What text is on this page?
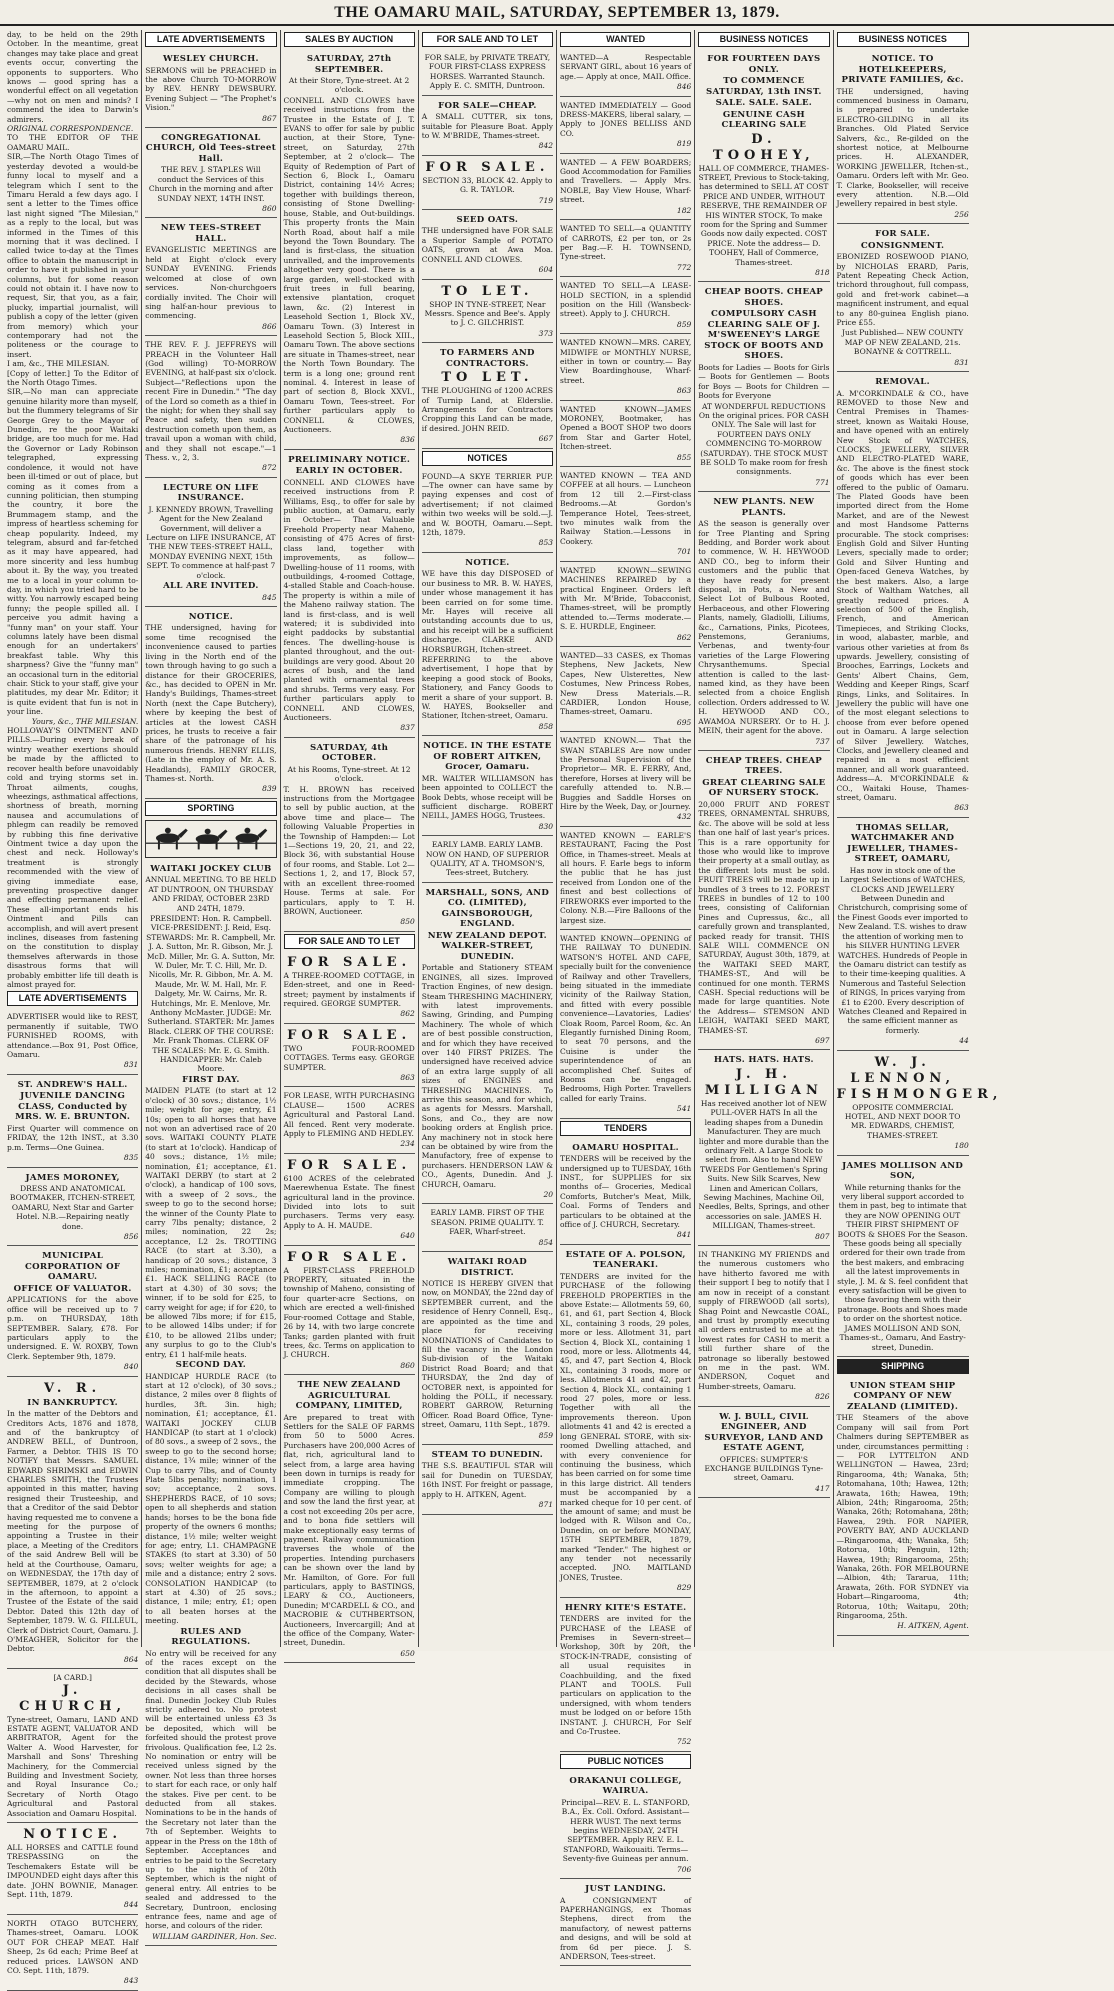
THE OAMARU MAIL, SATURDAY, SEPTEMBER 13, 1879.

day, to be held on the 29th October. In the meantime, great changes may take place and great events occur, converting the opponents to supporters. Who knows — good spring has a wonderful effect on all vegetation—why not on men and minds? I commend the idea to Darwin's admirers.

ORIGINAL CORRESPONDENCE.

TO THE EDITOR OF THE OAMARU MAIL.

SIR,—The North Otago Times of yesterday devoted a would-be funny local to myself and a telegram which I sent to the Timaru Herald a few days ago. I sent a letter to the Times office last night signed "The Milesian," as a reply to the local, but was informed in the Times of this morning that it was declined. I called twice to-day at the Times office to obtain the manuscript in order to have it published in your columns, but for some reason could not obtain it. I have now to request, Sir, that you, as a fair, plucky, impartial journalist, will publish a copy of the letter (given from memory) which your contemporary had not the politeness or the courage to insert.

I am, &c., THE MILESIAN.

[Copy of letter.] To the Editor of the North Otago Times.

SIR,—No man can appreciate genuine hilarity more than myself, but the flummery telegrams of Sir George Grey to the Mayor of Dunedin, re the poor Waitaki bridge, are too much for me. Had the Governor or Lady Robinson telegraphed, expressing condolence, it would not have been ill-timed or out of place, but coming as it comes from a cunning politician, then stumping the country, it bore the Brummagem stamp, and the impress of heartless scheming for cheap popularity. Indeed, my telegram, absurd and far-fetched as it may have appeared, had more sincerity and less humbug about it. By the way, you treated me to a local in your column to-day, in which you tried hard to be witty. You narrowly escaped being funny; the people spilled all. I perceive you admit having a "funny man" on your staff. Your columns lately have been dismal enough for an undertakers' breakfast table. Why this sharpness? Give the "funny man" an occasional turn in the editorial chair. Stick to your staff, give your platitudes, my dear Mr. Editor; it is quite evident that fun is not in your line.

Yours, &c., THE MILESIAN.

HOLLOWAY'S OINTMENT AND PILLS.—During every break of wintry weather exertions should be made by the afflicted to recover health before unavoidably cold and trying storms set in. Throat ailments, coughs, wheezings, asthmatical affections, shortness of breath, morning nausea and accumulations of phlegm can readily be removed by rubbing this fine derivative Ointment twice a day upon the chest and neck. Holloway's treatment is strongly recommended with the view of giving immediate ease, preventing prospective danger and effecting permanent relief. These all-important ends his Ointment and Pills can accomplish, and will avert present inclines, diseases from fastening on the constitution to display themselves afterwards in those disastrous forms that will probably embitter life till death is almost prayed for.

LATE ADVERTISEMENTS

ADVERTISER would like to REST, permanently if suitable, TWO FURNISHED ROOMS, with attendance.—Box 91, Post Office, Oamaru.

831

ST. ANDREW'S HALL.
JUVENILE DANCING CLASS, Conducted by MRS. W. E. BRUNTON.

First Quarter will commence on FRIDAY, the 12th INST., at 3.30 p.m. Terms—One Guinea.

835

JAMES MORONEY,

DRESS AND ANATOMICAL BOOTMAKER, ITCHEN-STREET, OAMARU, Next Star and Garter Hotel. N.B.—Repairing neatly done.

856

MUNICIPAL CORPORATION OF OAMARU.
OFFICE OF VALUATOR.

APPLICATIONS for the above office will be received up to 7 p.m. on THURSDAY, 18th SEPTEMBER. Salary, £78. For particulars apply to the undersigned. E. W. ROXBY, Town Clerk. September 9th, 1879.

840

V. R.
IN BANKRUPTCY.

In the matter of the Debtors and Creditors Acts, 1876 and 1878, and of the bankruptcy of ANDREW BELL, of Duntroon, Farmer, a Debtor. THIS IS TO NOTIFY that Messrs. SAMUEL EDWARD SHRIMSKI and EDWIN CHARLES SMITH, the Trustees appointed in this matter, having resigned their Trusteeship, and that a Creditor of the said Debtor having requested me to convene a meeting for the purpose of appointing a Trustee in their place, a Meeting of the Creditors of the said Andrew Bell will be held at the Courthouse, Oamaru, on WEDNESDAY, the 17th day of SEPTEMBER, 1879, at 2 o'clock in the afternoon, to appoint a Trustee of the Estate of the said Debtor. Dated this 12th day of September, 1879. W. G. FILLEUL, Clerk of District Court, Oamaru. J. O'MEAGHER, Solicitor for the Debtor.

864

[A CARD.]
J. CHURCH,

Tyne-street, Oamaru, LAND AND ESTATE AGENT, VALUATOR AND ARBITRATOR, Agent for the Walter A. Wood Harvester, for Marshall and Sons' Threshing Machinery, for the Commercial Building and Investment Society, and Royal Insurance Co.; Secretary of North Otago Agricultural and Pastoral Association and Oamaru Hospital.

NOTICE.

ALL HORSES and CATTLE found TRESPASSING on the Teschemakers Estate will be IMPOUNDED eight days after this date. JOHN BOWNIE, Manager. Sept. 11th, 1879.

844

NORTH OTAGO BUTCHERY, Thames-street, Oamaru. LOOK OUT FOR CHEAP MEAT. Half Sheep, 2s 6d each; Prime Beef at reduced prices. LAWSON AND CO. Sept. 11th, 1879.

843

LATE ADVERTISEMENTS
WESLEY CHURCH.

SERMONS will be PREACHED in the above Church TO-MORROW by REV. HENRY DEWSBURY. Evening Subject — "The Prophet's Vision."

867

CONGREGATIONAL CHURCH, Old Tees-street Hall.

THE REV. J. STAPLES Will conduct the Services of this Church in the morning and after SUNDAY NEXT, 14TH INST.

860

NEW TEES-STREET HALL.

EVANGELISTIC MEETINGS are held at Eight o'clock every SUNDAY EVENING. Friends welcomed at close of own services. Non-churchgoers cordially invited. The Choir will sing half-an-hour previous to commencing.

866

THE REV. F. J. JEFFREYS will PREACH in the Volunteer Hall (God willing) TO-MORROW EVENING, at half-past six o'clock. Subject—"Reflections upon the recent Fire in Dunedin." "The day of the Lord so cometh as a thief in the night; for when they shall say Peace and safety, then sudden destruction cometh upon them, as travail upon a woman with child, and they shall not escape."—1 Thess. v., 2, 3.

872

LECTURE ON LIFE INSURANCE.

J. KENNEDY BROWN, Travelling Agent for the New Zealand Government, will deliver a Lecture on LIFE INSURANCE, AT THE NEW TEES-STREET HALL, MONDAY EVENING NEXT, 15th SEPT. To commence at half-past 7 o'clock.

ALL ARE INVITED.

845

NOTICE.

THE undersigned, having for some time recognised the inconvenience caused to parties living in the North end of the town through having to go such a distance for their GROCERIES, &c., has decided to OPEN in Mr. Handy's Buildings, Thames-street North (next the Cape Butchery), where by keeping the best of articles at the lowest CASH prices, he trusts to receive a fair share of the patronage of his numerous friends. HENRY ELLIS, (Late in the employ of Mr. A. S. Headlands), FAMILY GROCER, Thames-st. North.

839

SPORTING
WAITAKI JOCKEY CLUB

ANNUAL MEETING. TO BE HELD AT DUNTROON, ON THURSDAY AND FRIDAY, OCTOBER 23RD AND 24TH, 1879.

PRESIDENT: Hon. R. Campbell. VICE-PRESIDENT: J. Reid, Esq. STEWARDS: Mr. R. Campbell, Mr. J. A. Sutton, Mr. R. Gibson, Mr. J. McD. Miller, Mr. G. A. Sutton, Mr. W. Duler, Mr. T. C. Hill, Mr. D. Nicolls, Mr. R. Gibbon, Mr. A. M. Maude, Mr. W. M. Hall, Mr. F. Dalgety, Mr. W. Cairns, Mr. R. Hutchings, Mr. E. Menlove, Mr. Anthony McMaster. JUDGE: Mr. Sutherland. STARTER: Mr. James Black. CLERK OF THE COURSE: Mr. Frank Thomas. CLERK OF THE SCALES: Mr. E. G. Smith. HANDICAPPER: Mr. Caleb Moore.

FIRST DAY.

MAIDEN PLATE (to start at 12 o'clock) of 30 sovs.; distance, 1½ mile; weight for age; entry, £1 10s; open to all horses that have not won an advertised race of 20 sovs. WAITAKI COUNTY PLATE (to start at 1o'clock). Handicap of 40 sovs.; distance, 1½ mile; nomination, £1; acceptance, £1. WAITAKI DERBY (to start at 2 o'clock), a handicap of 100 sovs, with a sweep of 2 sovs., the sweep to go to the second horse; the winner of the County Plate to carry 7lbs penalty; distance, 2 miles; nomination, 22 2s; acceptance, L2 2s. TROTTING RACE (to start at 3.30), a handicap of 20 sovs.; distance, 3 miles; nomination, £1; acceptance £1. HACK SELLING RACE (to start at 4.30) of 30 sovs; the winner, if to be sold for £25, to carry weight for age; if for £20, to be allowed 7lbs more; if for £15, to be allowed 14lbs under; if for £10, to be allowed 21lbs under; any surplus to go to the Club's entry, £1 1 half-mile heats.

SECOND DAY.

HANDICAP HURDLE RACE (to start at 12 o'clock), of 30 sovs.; distance, 2 miles over 8 flights of hurdles, 3ft. 3in. high; nomination, £1; acceptance, £1. WAITAKI JOCKEY CLUB HANDICAP (to start at 1 o'clock) of 80 sovs., a sweep of 2 sovs., the sweep to go to the second horse; distance, 1¾ mile; winner of the Cup to carry 7lbs, and of County Plate 5lbs penalty; nomination, 1 sov; acceptance, 2 sovs. SHEPHERDS RACE, of 10 sovs; open to all shepherds and station hands; horses to be the bona fide property of the owners 6 months; distance, 1½ mile; welter weight for age; entry, L1. CHAMPAGNE STAKES (to start at 3.30) of 50 sovs; welter weights for age; a mile and a distance; entry 2 sovs. CONSOLATION HANDICAP (to start at 4.30) of 25 sovs.; distance, 1 mile; entry, £1; open to all beaten horses at the meeting.

RULES AND REGULATIONS.

No entry will be received for any of the races except on the condition that all disputes shall be decided by the Stewards, whose decisions in all cases shall be final. Dunedin Jockey Club Rules strictly adhered to. No protest will be entertained unless £3 3s be deposited, which will be forfeited should the protest prove frivolous. Qualification fee, L2 2s. No nomination or entry will be received unless signed by the owner. Not less than three horses to start for each race, or only half the stakes. Five per cent. to be deducted from all stakes. Nominations to be in the hands of the Secretary not later than the 7th of September. Weights to appear in the Press on the 18th of September. Acceptances and entries to be paid to the Secretary up to the night of 20th September, which is the night of general entry. All entries to be sealed and addressed to the Secretary, Duntroon, enclosing entrance fees, name and age of horse, and colours of the rider.

WILLIAM GARDINER, Hon. Sec.

SALES BY AUCTION
SATURDAY, 27th SEPTEMBER.

At their Store, Tyne-street. At 2 o'clock.

CONNELL AND CLOWES have received instructions from the Trustee in the Estate of J. T. EVANS to offer for sale by public auction, at their Store, Tyne-street, on Saturday, 27th September, at 2 o'clock— The Equity of Redemption of Part of Section 6, Block I., Oamaru District, containing 14½ Acres; together with buildings thereon, consisting of Stone Dwelling-house, Stable, and Out-buildings. This property fronts the Main North Road, about half a mile beyond the Town Boundary. The land is first-class, the situation unrivalled, and the improvements altogether very good. There is a large garden, well-stocked with fruit trees in full bearing, extensive plantation, croquet lawn, &c. (2) Interest in Leasehold Section 1, Block XV., Oamaru Town. (3) Interest in Leasehold Section 5, Block XIII., Oamaru Town. The above sections are situate in Thames-street, near the North Town Boundary. The term is a long one; ground rent nominal. 4. Interest in lease of part of section 8, Block XXVI., Oamaru Town, Tees-street. For further particulars apply to CONNELL & CLOWES, Auctioneers.

836

PRELIMINARY NOTICE.
EARLY IN OCTOBER.

CONNELL AND CLOWES have received instructions from P. Williams, Esq., to offer for sale by public auction, at Oamaru, early in October— That Valuable Freehold Property near Maheno, consisting of 475 Acres of first-class land, together with improvements, as follow—Dwelling-house of 11 rooms, with outbuildings, 4-roomed Cottage, 4-stalled Stable and Coach-house. The property is within a mile of the Maheno railway station. The land is first-class, and is well watered; it is subdivided into eight paddocks by substantial fences. The dwelling-house is planted throughout, and the out-buildings are very good. About 20 acres of bush, and the land planted with ornamental trees and shrubs. Terms very easy. For further particulars apply to CONNELL AND CLOWES, Auctioneers.

837

SATURDAY, 4th OCTOBER.

At his Rooms, Tyne-street. At 12 o'clock.

T. H. BROWN has received instructions from the Mortgagee to sell by public auction, at the above time and place— The following Valuable Properties in the Township of Hampden:— Lot 1—Sections 19, 20, 21, and 22, Block 36, with substantial House of four rooms, and Stable. Lot 2—Sections 1, 2, and 17, Block 57, with an excellent three-roomed House. Terms at sale. For particulars, apply to T. H. BROWN, Auctioneer.

850

FOR SALE AND TO LET
FOR SALE.

A THREE-ROOMED COTTAGE, in Eden-street, and one in Reed-street; payment by instalments if required. GEORGE SUMPTER.

862

FOR SALE.

TWO FOUR-ROOMED COTTAGES. Terms easy. GEORGE SUMPTER.

863

FOR LEASE, WITH PURCHASING CLAUSE— 1500 ACRES Agricultural and Pastoral Land. All fenced. Rent very moderate. Apply to FLEMING AND HEDLEY.

234

FOR SALE.

6100 ACRES of the celebrated Maerewhenua Estate. The finest agricultural land in the province. Divided into lots to suit purchasers. Terms very easy. Apply to A. H. MAUDE.

640

FOR SALE.

A FIRST-CLASS FREEHOLD PROPERTY, situated in the township of Maheno, consisting of four quarter-acre Sections, on which are erected a well-finished Four-roomed Cottage and Stable, 26 by 14, with two large concrete Tanks; garden planted with fruit trees, &c. Terms on application to J. CHURCH.

860

THE NEW ZEALAND AGRICULTURAL COMPANY, LIMITED,

Are prepared to treat with Settlers for the SALE OF FARMS from 50 to 5000 Acres. Purchasers have 200,000 Acres of flat, rich, agricultural land to select from, a large area having been down in turnips is ready for immediate cropping. The Company are willing to plough and sow the land the first year, at a cost not exceeding 20s per acre, and to bona fide settlers will make exceptionally easy terms of payment. Railway communication traverses the whole of the properties. Intending purchasers can be shown over the land by Mr. Hamilton, of Gore. For full particulars, apply to BASTINGS, LEARY & CO., Auctioneers, Dunedin; M'CARDELL & CO., and MACROBIE & CUTHBERTSON, Auctioneers, Invercargill; And at the office of the Company, Water-street, Dunedin.

650

FOR SALE AND TO LET

FOR SALE, by PRIVATE TREATY, FOUR FIRST-CLASS EXPRESS HORSES. Warranted Staunch. Apply E. C. SMITH, Duntroon.

FOR SALE—CHEAP.

A SMALL CUTTER, six tons, suitable for Pleasure Boat. Apply to W. M'BRIDE, Thames-street.

842

FOR SALE.

SECTION 33, BLOCK 42. Apply to G. R. TAYLOR.

719

SEED OATS.

THE undersigned have FOR SALE a Superior Sample of POTATO OATS, grown at Awa Moa. CONNELL AND CLOWES.

604

TO LET.

SHOP IN TYNE-STREET, Near Messrs. Spence and Bee's. Apply to J. C. GILCHRIST.

373

TO FARMERS AND CONTRACTORS.
TO LET.

THE PLOUGHING of 1200 ACRES of Turnip Land, at Elderslie. Arrangements for Contractors Cropping this Land can be made, if desired. JOHN REID.

667

NOTICES

FOUND—A SKYE TERRIER PUP.—The owner can have same by paying expenses and cost of advertisement; if not claimed within two weeks will be sold.—J. and W. BOOTH, Oamaru.—Sept. 12th, 1879.

853

NOTICE.

WE have this day DISPOSED of our business to MR. B. W. HAYES, under whose management it has been carried on for some time. Mr. Hayes will receive all outstanding accounts due to us, and his receipt will be a sufficient discharge. CLARKE AND HORSBURGH, Itchen-street.

REFERRING to the above advertisement, I hope that by keeping a good stock of Books, Stationery, and Fancy Goods to merit a share of your support. B. W. HAYES, Bookseller and Stationer, Itchen-street, Oamaru.

858

NOTICE. IN THE ESTATE OF ROBERT AITKEN, Grocer, Oamaru.

MR. WALTER WILLIAMSON has been appointed to COLLECT the Book Debts, whose receipt will be sufficient discharge. ROBERT NEILL, JAMES HOGG, Trustees.

830

EARLY LAMB. EARLY LAMB. NOW ON HAND, OF SUPERIOR QUALITY, AT A. THOMSON'S, Tees-street, Butchery.

MARSHALL, SONS, AND CO. (LIMITED), GAINSBOROUGH, ENGLAND.
NEW ZEALAND DEPOT. WALKER-STREET, DUNEDIN.

Portable and Stationery STEAM ENGINES, all sizes. Improved Traction Engines, of new design. Steam THRESHING MACHINERY, with latest improvements. Sawing, Grinding, and Pumping Machinery. The whole of which are of best possible construction, and for which they have received over 140 FIRST PRIZES. The undersigned have received advice of an extra large supply of all sizes of ENGINES and THRESHING MACHINES. To arrive this season, and for which, as agents for Messrs. Marshall, Sons, and Co., they are now booking orders at English price. Any machinery not in stock here can be obtained by wire from the Manufactory, free of expense to purchasers. HENDERSON LAW & CO., Agents, Dunedin. And J. CHURCH, Oamaru.

20

EARLY LAMB. FIRST OF THE SEASON. PRIME QUALITY. T. FAER, Wharf-street.

854

WAITAKI ROAD DISTRICT.

NOTICE IS HEREBY GIVEN that now, on MONDAY, the 22nd day of SEPTEMBER current, and the residence of Henry Connell, Esq., are appointed as the time and place for receiving NOMINATIONS of Candidates to fill the vacancy in the London Sub-division of the Waitaki District Road Board; and that THURSDAY, the 2nd day of OCTOBER next, is appointed for holding the POLL, if necessary. ROBERT GARROW, Returning Officer. Road Board Office, Tyne-street, Oamaru, 11th Sept., 1879.

859

STEAM TO DUNEDIN.

THE S.S. BEAUTIFUL STAR will sail for Dunedin on TUESDAY, 16th INST. For freight or passage, apply to H. AITKEN, Agent.

871

WANTED

WANTED—A Respectable SERVANT GIRL, about 16 years of age.— Apply at once, MAIL Office.

846

WANTED IMMEDIATELY — Good DRESS-MAKERS, liberal salary, — Apply to JONES BELLISS AND CO.

819

WANTED — A FEW BOARDERS; Good Accommodation for Families and Travellers. — Apply Mrs. NOBLE, Bay View House, Wharf-street.

182

WANTED TO SELL—a QUANTITY of CARROTS, £2 per ton, or 2s per Bag.—F. H. TOWNSEND, Tyne-street.

772

WANTED TO SELL—A LEASE-HOLD SECTION, in a splendid position on the Hill (Wansbeck-street). Apply to J. CHURCH.

859

WANTED KNOWN—MRS. CAREY, MIDWIFE or MONTHLY NURSE, either in town or country.— Bay View Boardinghouse, Wharf-street.

863

WANTED KNOWN—JAMES MORONEY, Bootmaker, has Opened a BOOT SHOP two doors from Star and Garter Hotel, Itchen-street.

855

WANTED KNOWN — TEA AND COFFEE at all hours. — Luncheon from 12 till 2.—First-class Bedrooms.—At Gordon's Temperance Hotel, Tees-street, two minutes walk from the Railway Station.—Lessons in Cookery.

701

WANTED KNOWN—SEWING MACHINES REPAIRED by a practical Engineer. Orders left with Mr. M'Bride, Tobacconist, Thames-street, will be promptly attended to.—Terms moderate.—S. E. HURDLE, Engineer.

862

WANTED—33 CASES, ex Thomas Stephens, New Jackets, New Capes, New Ulsterettes, New Costumes, New Princess Robes, New Dress Materials.—R. CARDIER, London House, Thames-street, Oamaru.

695

WANTED KNOWN.— That the SWAN STABLES Are now under the Personal Supervision of the Proprietor— MR. E. FERRY, And, therefore, Horses at livery will be carefully attended to. N.B.—Buggies and Saddle Horses on Hire by the Week, Day, or Journey.

432

WANTED KNOWN — EARLE'S RESTAURANT, Facing the Post Office, in Thames-street. Meals at all hours. F. Earle begs to inform the public that he has just received from London one of the finest and best collections of FIREWORKS ever imported to the Colony. N.B.—Fire Balloons of the largest size.

WANTED KNOWN—OPENING of THE RAILWAY TO DUNEDIN. WATSON'S HOTEL AND CAFE, specially built for the convenience of Railway and other Travellers, being situated in the immediate vicinity of the Railway Station, and fitted with every possible convenience—Lavatories, Ladies' Cloak Room, Parcel Room, &c. An Elegantly furnished Dining Room, to seat 70 persons, and the Cuisine is under the superintendence of an accomplished Chef. Suites of Rooms can be engaged. Bedrooms, High Porter. Travellers called for early Trains.

541

TENDERS
OAMARU HOSPITAL.

TENDERS will be received by the undersigned up to TUESDAY, 16th INST., for SUPPLIES for six months of— Groceries, Medical Comforts, Butcher's Meat, Milk, Coal. Forms of Tenders and particulars to be obtained at the office of J. CHURCH, Secretary.

841

ESTATE OF A. POLSON, TEANERAKI.

TENDERS are invited for the PURCHASE of the following FREEHOLD PROPERTIES in the above Estate:— Allotments 59, 60, 61, and 61, part Section 4, Block XL, containing 3 roods, 29 poles, more or less. Allotment 31, part Section 4, Block XL, containing 1 rood, more or less. Allotments 44, 45, and 47, part Section 4, Block XL, containing 3 roods, more or less. Allotments 41 and 42, part Section 4, Block XL, containing 1 rood 27 poles, more or less. Together with all the improvements thereon. Upon allotments 41 and 42 is erected a long GENERAL STORE, with six-roomed Dwelling attached, and with every convenience for continuing the business, which has been carried on for some time in this large district. All tenders must be accompanied by a marked cheque for 10 per cent. of the amount of same; and must be lodged with R. Wilson and Co., Dunedin, on or before MONDAY, 15TH SEPTEMBER, 1879, marked "Tender." The highest or any tender not necessarily accepted. JNO. MAITLAND JONES, Trustee.

829

HENRY KITE'S ESTATE.

TENDERS are invited for the PURCHASE of the LEASE of Premises in Severn-street—Workshop, 30ft by 20ft, the STOCK-IN-TRADE, consisting of all usual requisites in Coachbuilding, and the fixed PLANT and TOOLS. Full particulars on application to the undersigned, with whom tenders must be lodged on or before 15th INSTANT. J. CHURCH, For Self and Co-Trustee.

752

PUBLIC NOTICES
ORAKANUI COLLEGE, WAIRUA.

Principal—REV. E. L. STANFORD, B.A., Ex. Coll. Oxford. Assistant—HERR WUST. The next terms begins WEDNESDAY, 24TH SEPTEMBER. Apply REV. E. L. STANFORD, Waikouaiti. Terms—Seventy-five Guineas per annum.

706

JUST LANDING.

A CONSIGNMENT of PAPERHANGINGS, ex Thomas Stephens, direct from the manufactory, of newest patterns and designs, and will be sold at from 6d per piece. J. S. ANDERSON, Tees-street.

BUSINESS NOTICES
FOR FOURTEEN DAYS ONLY.
TO COMMENCE SATURDAY, 13th INST.
SALE. SALE. SALE.
GENUINE CASH CLEARING SALE
D. TOOHEY,

HALL OF COMMERCE, THAMES-STREET, Previous to Stock-taking, has determined to SELL AT COST PRICE AND UNDER, WITHOUT RESERVE, THE REMAINDER OF HIS WINTER STOCK, To make room for the Spring and Summer Goods now daily expected. COST PRICE. Note the address— D. TOOHEY, Hall of Commerce, Thames-street.

818

CHEAP BOOTS. CHEAP SHOES.
COMPULSORY CASH CLEARING SALE OF J. M'SWEENEY'S LARGE STOCK OF BOOTS AND SHOES.

Boots for Ladies — Boots for Girls — Boots for Gentlemen — Boots for Boys — Boots for Children — Boots for Everyone

AT WONDERFUL REDUCTIONS On the original prices. FOR CASH ONLY. The Sale will last for FOURTEEN DAYS ONLY COMMENCING TO-MORROW (SATURDAY). THE STOCK MUST BE SOLD To make room for fresh consignments.

771

NEW PLANTS. NEW PLANTS.

AS the season is generally over for Tree Planting and Spring Bedding, and Border work about to commence, W. H. HEYWOOD AND CO., beg to inform their customers and the public that they have ready for present disposal, in Pots, a New and Select Lot of Bulbous Rooted, Herbaceous, and other Flowering Plants, namely, Gladiolli, Liliums, &c., Carnations, Pinks, Picotees, Penstemons, Geraniums, Verbenas, and twenty-four varieties of the Large Flowering Chrysanthemums. Special attention is called to the last-named kind, as they have been selected from a choice English collection. Orders addressed to W. H. HEYWOOD AND CO., AWAMOA NURSERY. Or to H. J. MEIN, their agent for the above.

737

CHEAP TREES. CHEAP TREES.
GREAT CLEARING SALE OF NURSERY STOCK.

20,000 FRUIT AND FOREST TREES, ORNAMENTAL SHRUBS, &c. The above will be sold at less than one half of last year's prices. This is a rare opportunity for those who would like to improve their property at a small outlay, as the different lots must be sold. FRUIT TREES will be made up in bundles of 3 trees to 12. FOREST TREES in bundles of 12 to 100 trees, consisting of Californian Pines and Cupressus, &c., all carefully grown and transplanted, packed ready for transit. THIS SALE WILL COMMENCE ON SATURDAY, August 30th, 1879, at the WAITAKI SEED MART, THAMES-ST., And will be continued for one month. TERMS CASH. Special reductions will be made for large quantities. Note the Address— STEMSON AND LEIGH, WAITAKI SEED MART, THAMES-ST.

697

HATS. HATS. HATS.
J. H. MILLIGAN

Has received another lot of NEW PULL-OVER HATS In all the leading shapes from a Dunedin Manufacturer. They are much lighter and more durable than the ordinary Felt. A Large Stock to select from. Also to hand NEW TWEEDS For Gentlemen's Spring Suits. New Silk Scarves, New Linen and American Collars, Sewing Machines, Machine Oil, Needles, Belts, Springs, and other accessories on sale. JAMES H. MILLIGAN, Thames-street.

807

IN THANKING MY FRIENDS and the numerous customers who have hitherto favored me with their support I beg to notify that I am now in receipt of a constant supply of FIREWOOD (all sorts), Shag Point and Newcastle COAL, and trust by promptly executing all orders entrusted to me at the lowest rates for CASH to merit a still further share of the patronage so liberally bestowed on me in the past. WM. ANDERSON, Coquet and Humber-streets, Oamaru.

826

W. J. BULL, CIVIL ENGINEER, AND SURVEYOR, LAND AND ESTATE AGENT,

OFFICES: SUMPTER'S EXCHANGE BUILDINGS Tyne-street, Oamaru.

417

BUSINESS NOTICES
NOTICE. TO HOTELKEEPERS, PRIVATE FAMILIES, &c.

THE undersigned, having commenced business in Oamaru, is prepared to undertake ELECTRO-GILDING in all its Branches. Old Plated Service Salvers, &c., Re-gilded on the shortest notice, at Melbourne prices. H. ALEXANDER, WORKING JEWELLER, Itchen-st., Oamaru. Orders left with Mr. Geo. T. Clarke, Bookseller, will receive every attention. N.B.—Old Jewellery repaired in best style.

256

FOR SALE.
CONSIGNMENT.

EBONIZED ROSEWOOD PIANO, by NICHOLAS ERARD, Paris, Patent Repeating Check Action, trichord throughout, full compass, gold and fret-work cabinet—a magnificent instrument, and equal to any 80-guinea English piano. Price £55.

Just Published— NEW COUNTY MAP OF NEW ZEALAND, 21s. BONAYNE & COTTRELL.

831

REMOVAL.

A. M'CORKINDALE & CO., have REMOVED to those New and Central Premises in Thames-street, known as Waitaki House, and have opened with an entirely New Stock of WATCHES, CLOCKS, JEWELLERY, SILVER AND ELECTRO-PLATED WARE, &c. The above is the finest stock of goods which has ever been offered to the public of Oamaru. The Plated Goods have been imported direct from the Home Market, and are of the Newest and most Handsome Patterns procurable. The stock comprises: English Gold and Silver Hunting Levers, specially made to order; Gold and Silver Hunting and Open-faced Geneva Watches, by the best makers. Also, a large Stock of Waltham Watches, all greatly reduced prices. A selection of 500 of the English, French, and American Timepieces, and Striking Clocks, in wood, alabaster, marble, and various other varieties at from 8s upwards. Jewellery, consisting of Brooches, Earrings, Lockets and Gents' Albert Chains, Gem, Wedding and Keeper Rings, Scarf Rings, Links, and Solitaires. In Jewellery the public will have one of the most elegant selections to choose from ever before opened out in Oamaru. A large selection of Silver Jewellery. Watches, Clocks, and Jewellery cleaned and repaired in a most efficient manner, and all work guaranteed. Address—A. M'CORKINDALE & CO., Waitaki House, Thames-street, Oamaru.

863

THOMAS SELLAR, WATCHMAKER AND JEWELLER, THAMES-STREET, OAMARU,

Has now in stock one of the Largest Selections of WATCHES, CLOCKS AND JEWELLERY Between Dunedin and Christchurch, comprising some of the Finest Goods ever imported to New Zealand. T.S. wishes to draw the attention of working men to his SILVER HUNTING LEVER WATCHES. Hundreds of People in the Oamaru district can testify as to their time-keeping qualities. A Numerous and Tasteful Selection of RINGS, In prices varying from £1 to £200. Every description of Watches Cleaned and Repaired in the same efficient manner as formerly.

44

W. J. LENNON, FISHMONGER,

OPPOSITE COMMERCIAL HOTEL, AND NEXT DOOR TO MR. EDWARDS, CHEMIST, THAMES-STREET.

180

JAMES MOLLISON AND SON,

While returning thanks for the very liberal support accorded to them in past, beg to intimate that they are NOW OPENING OUT THEIR FIRST SHIPMENT OF BOOTS & SHOES For the Season. These goods being all specially ordered for their own trade from the best makers, and embracing all the latest improvements in style, J. M. & S. feel confident that every satisfaction will be given to those favoring them with their patronage. Boots and Shoes made to order on the shortest notice. JAMES MOLLISON AND SON, Thames-st., Oamaru, And Eastry-street, Dunedin.

SHIPPING
UNION STEAM SHIP COMPANY OF NEW ZEALAND (LIMITED).

THE Steamers of the above Company will sail from Port Chalmers during SEPTEMBER as under, circumstances permitting :— FOR LYTTELTON AND WELLINGTON — Hawea, 23rd; Ringarooma, 4th; Wanaka, 5th; Rotomahana, 10th; Hawea, 12th; Arawata, 16th; Hawea, 19th; Albion, 24th; Ringarooma, 25th; Wanaka, 26th; Rotomahana, 28th; Hawea, 29th. FOR NAPIER, POVERTY BAY, AND AUCKLAND—Ringarooma, 4th; Wanaka, 5th; Rotorua, 10th; Penguin, 12th; Hawea, 19th; Ringarooma, 25th; Wanaka, 26th. FOR MELBOURNE—Albion, 4th; Tararua, 11th; Arawata, 26th. FOR SYDNEY via Hobart—Ringarooma, 4th; Rotorua, 10th; Waitapu, 20th; Ringarooma, 25th.

H. AITKEN, Agent.
